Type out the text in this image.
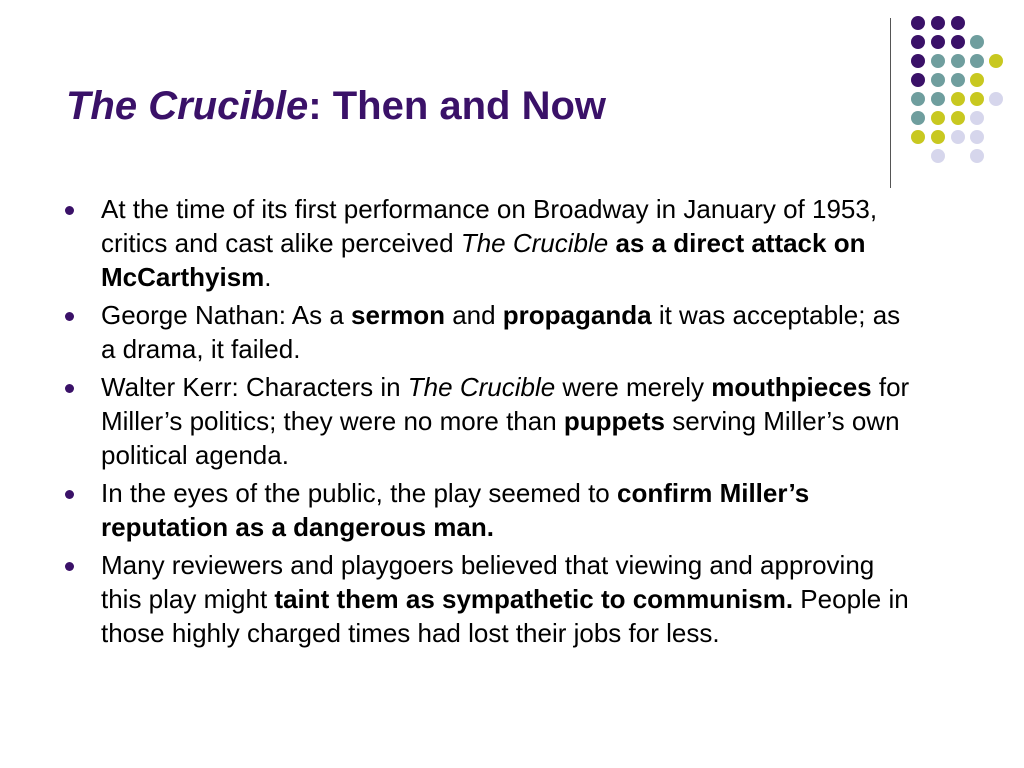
The Crucible: Then and Now
At the time of its first performance on Broadway in January of 1953, critics and cast alike perceived The Crucible as a direct attack on McCarthyism.
George Nathan: As a sermon and propaganda it was acceptable; as a drama, it failed.
Walter Kerr: Characters in The Crucible were merely mouthpieces for Miller’s politics; they were no more than puppets serving Miller’s own political agenda.
In the eyes of the public, the play seemed to confirm Miller’s reputation as a dangerous man.
Many reviewers and playgoers believed that viewing and approving this play might taint them as sympathetic to communism. People in those highly charged times had lost their jobs for less.
